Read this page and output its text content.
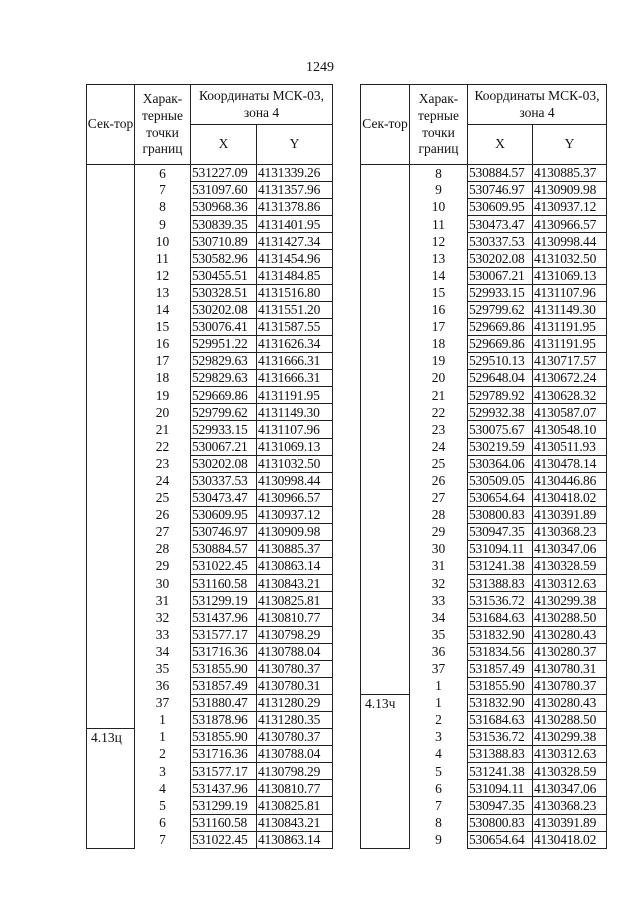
1249
Сек-тор	Харак-терные точки границ	Координаты МСК-03, зона 4	
		X	Y
	6	531227.09	4131339.26
	7	531097.60	4131357.96
	8	530968.36	4131378.86
	9	530839.35	4131401.95
	10	530710.89	4131427.34
	11	530582.96	4131454.96
	12	530455.51	4131484.85
	13	530328.51	4131516.80
	14	530202.08	4131551.20
	15	530076.41	4131587.55
	16	529951.22	4131626.34
	17	529829.63	4131666.31
	18	529829.63	4131666.31
	19	529669.86	4131191.95
	20	529799.62	4131149.30
	21	529933.15	4131107.96
	22	530067.21	4131069.13
	23	530202.08	4131032.50
	24	530337.53	4130998.44
	25	530473.47	4130966.57
	26	530609.95	4130937.12
	27	530746.97	4130909.98
	28	530884.57	4130885.37
	29	531022.45	4130863.14
	30	531160.58	4130843.21
	31	531299.19	4130825.81
	32	531437.96	4130810.77
	33	531577.17	4130798.29
	34	531716.36	4130788.04
	35	531855.90	4130780.37
	36	531857.49	4130780.31
	37	531880.47	4131280.29
	1	531878.96	4131280.35
4.13ц	1	531855.90	4130780.37
	2	531716.36	4130788.04
	3	531577.17	4130798.29
	4	531437.96	4130810.77
	5	531299.19	4130825.81
	6	531160.58	4130843.21
	7	531022.45	4130863.14
Сек-тор	Харак-терные точки границ	Координаты МСК-03, зона 4	
		X	Y
	8	530884.57	4130885.37
	9	530746.97	4130909.98
	10	530609.95	4130937.12
	11	530473.47	4130966.57
	12	530337.53	4130998.44
	13	530202.08	4131032.50
	14	530067.21	4131069.13
	15	529933.15	4131107.96
	16	529799.62	4131149.30
	17	529669.86	4131191.95
	18	529669.86	4131191.95
	19	529510.13	4130717.57
	20	529648.04	4130672.24
	21	529789.92	4130628.32
	22	529932.38	4130587.07
	23	530075.67	4130548.10
	24	530219.59	4130511.93
	25	530364.06	4130478.14
	26	530509.05	4130446.86
	27	530654.64	4130418.02
	28	530800.83	4130391.89
	29	530947.35	4130368.23
	30	531094.11	4130347.06
	31	531241.38	4130328.59
	32	531388.83	4130312.63
	33	531536.72	4130299.38
	34	531684.63	4130288.50
	35	531832.90	4130280.43
	36	531834.56	4130280.37
	37	531857.49	4130780.31
	1	531855.90	4130780.37
4.13ч	1	531832.90	4130280.43
	2	531684.63	4130288.50
	3	531536.72	4130299.38
	4	531388.83	4130312.63
	5	531241.38	4130328.59
	6	531094.11	4130347.06
	7	530947.35	4130368.23
	8	530800.83	4130391.89
	9	530654.64	4130418.02
